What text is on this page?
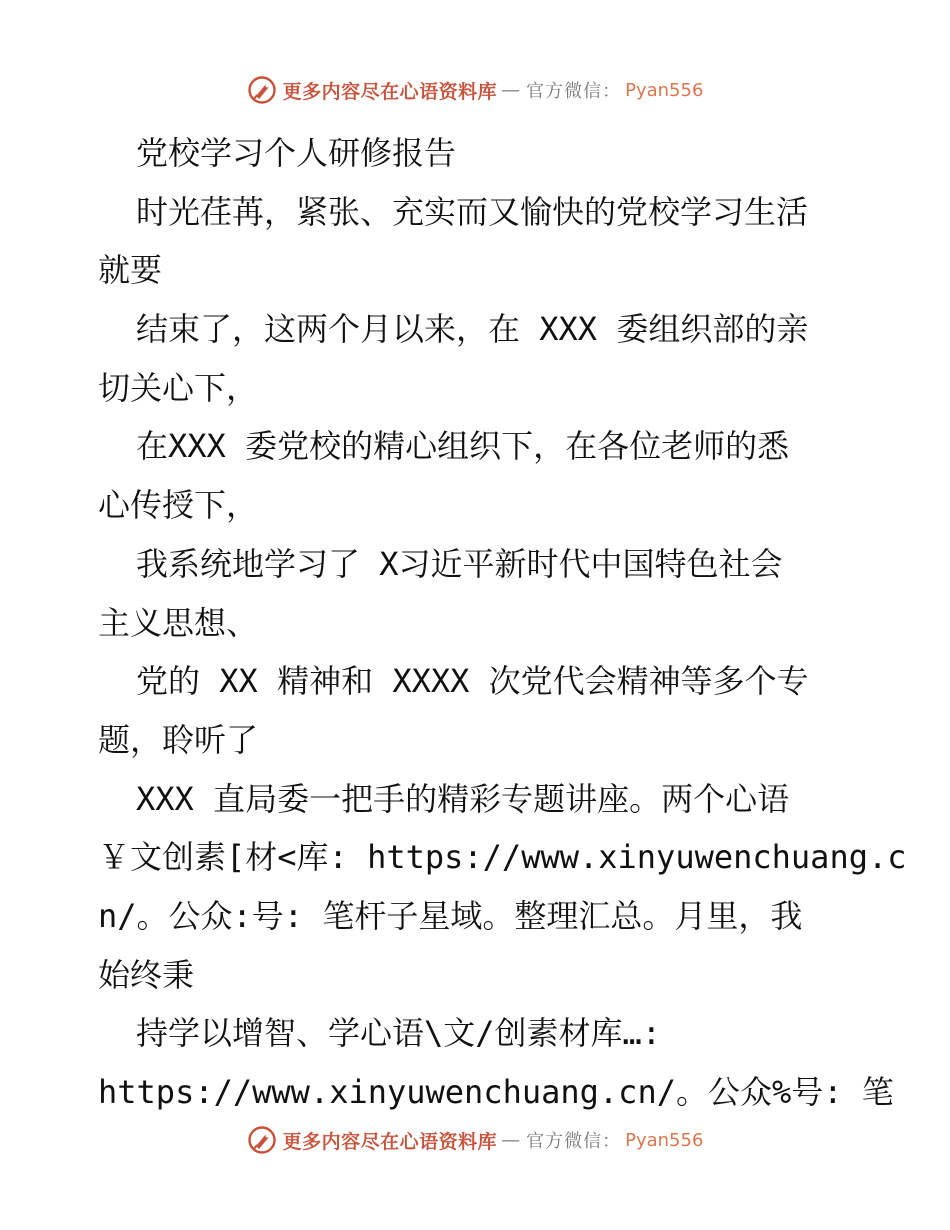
更多内容尽在心语资料库 — 官方微信： Pyan556
党校学习个人研修报告
时光荏苒，紧张、充实而又愉快的党校学习生活
就要
结束了，这两个月以来，在 XXX 委组织部的亲
切关心下，
在XXX 委党校的精心组织下，在各位老师的悉
心传授下，
我系统地学习了 X习近平新时代中国特色社会
主义思想、
党的 XX 精神和 XXXX 次党代会精神等多个专
题，聆听了
XXX 直局委一把手的精彩专题讲座。两个心语
￥文创素[材<库: https://www.xinyuwenchuang.c
n/。公众:号: 笔杆子星域。整理汇总。月里，我
始终秉
持学以增智、学心语\文/创素材库…:
https://www.xinyuwenchuang.cn/。公众%号: 笔
更多内容尽在心语资料库 — 官方微信： Pyan556
